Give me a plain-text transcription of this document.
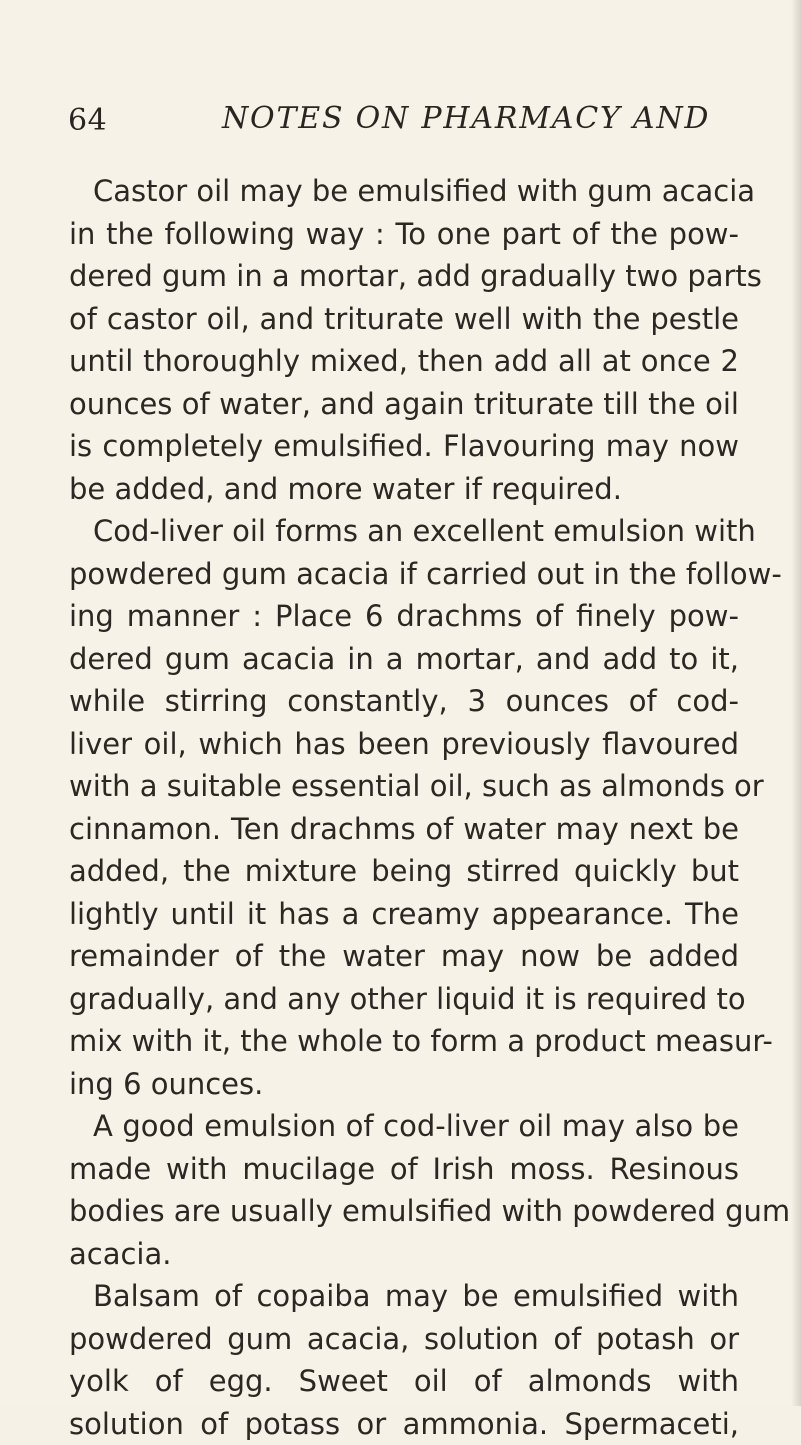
64	NOTES ON PHARMACY AND
Castor oil may be emulsified with gum acacia
in the following way : To one part of the pow-
dered gum in a mortar, add gradually two parts
of castor oil, and triturate well with the pestle
until thoroughly mixed, then add all at once 2
ounces of water, and again triturate till the oil
is completely emulsified. Flavouring may now
be added, and more water if required.
Cod-liver oil forms an excellent emulsion with
powdered gum acacia if carried out in the follow-
ing manner : Place 6 drachms of finely pow-
dered gum acacia in a mortar, and add to it,
while stirring constantly, 3 ounces of cod-
liver oil, which has been previously flavoured
with a suitable essential oil, such as almonds or
cinnamon. Ten drachms of water may next be
added, the mixture being stirred quickly but
lightly until it has a creamy appearance. The
remainder of the water may now be added
gradually, and any other liquid it is required to
mix with it, the whole to form a product measur-
ing 6 ounces.
A good emulsion of cod-liver oil may also be
made with mucilage of Irish moss. Resinous
bodies are usually emulsified with powdered gum
acacia.
Balsam of copaiba may be emulsified with
powdered gum acacia, solution of potash or
yolk of egg. Sweet oil of almonds with
solution of potass or ammonia. Spermaceti,
